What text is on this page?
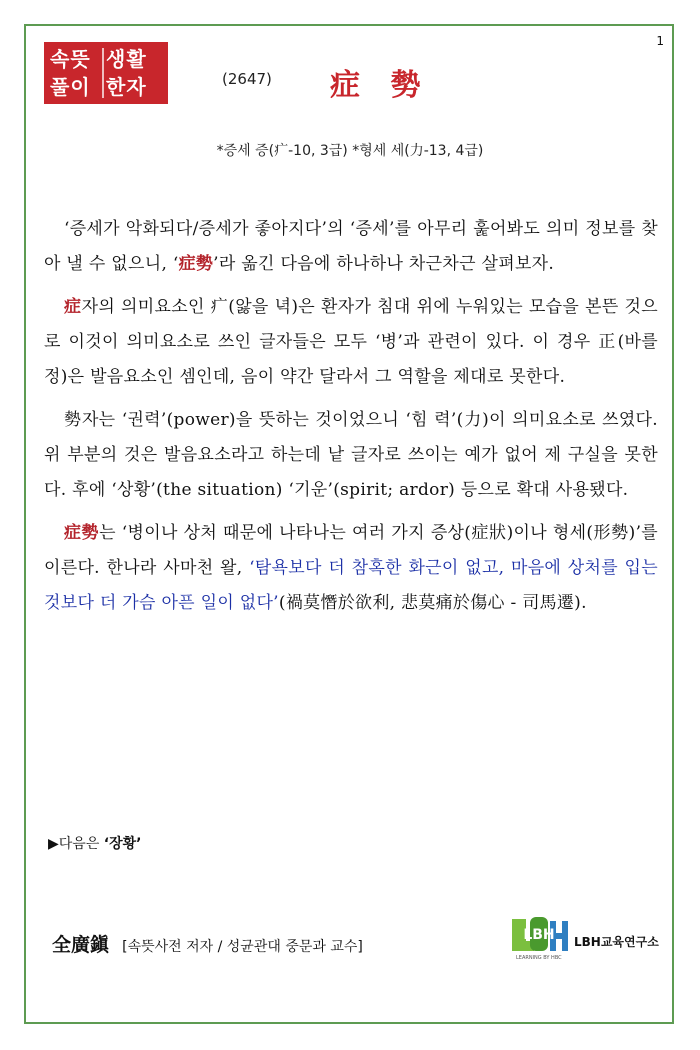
1
속뜻
풀이
생활
한자	(2647) 症 勢
*증세 증(疒-10, 3급) *형세 세(力-13, 4급)

‘증세가 악화되다/증세가 좋아지다’의 ‘증세’를 아무리 훑어봐도 의미 정보를 찾아 낼 수 없으니, ‘症勢’라 옮긴 다음에 하나하나 차근차근 살펴보자.

症자의 의미요소인 疒(앓을 녁)은 환자가 침대 위에 누워있는 모습을 본뜬 것으로 이것이 의미요소로 쓰인 글자들은 모두 ‘병’과 관련이 있다. 이 경우 正(바를 정)은 발음요소인 셈인데, 음이 약간 달라서 그 역할을 제대로 못한다.

勢자는 ‘권력’(power)을 뜻하는 것이었으니 ‘힘 력’(力)이 의미요소로 쓰였다. 위 부분의 것은 발음요소라고 하는데 낱 글자로 쓰이는 예가 없어 제 구실을 못한다. 후에 ‘상황’(the situation) ‘기운’(spirit; ardor) 등으로 확대 사용됐다.

症勢는 ‘병이나 상처 때문에 나타나는 여러 가지 증상(症狀)이나 형세(形勢)’를 이른다. 한나라 사마천 왈, ‘탐욕보다 더 참혹한 화근이 없고, 마음에 상처를 입는 것보다 더 가슴 아픈 일이 없다’(禍莫憯於欲利, 悲莫痛於傷心 - 司馬遷).

▶다음은 ‘장황’
全廣鎭 [속뜻사전 저자 / 성균관대 중문과 교수]
LBH
LEARNING BY HBC
LBH교육연구소
